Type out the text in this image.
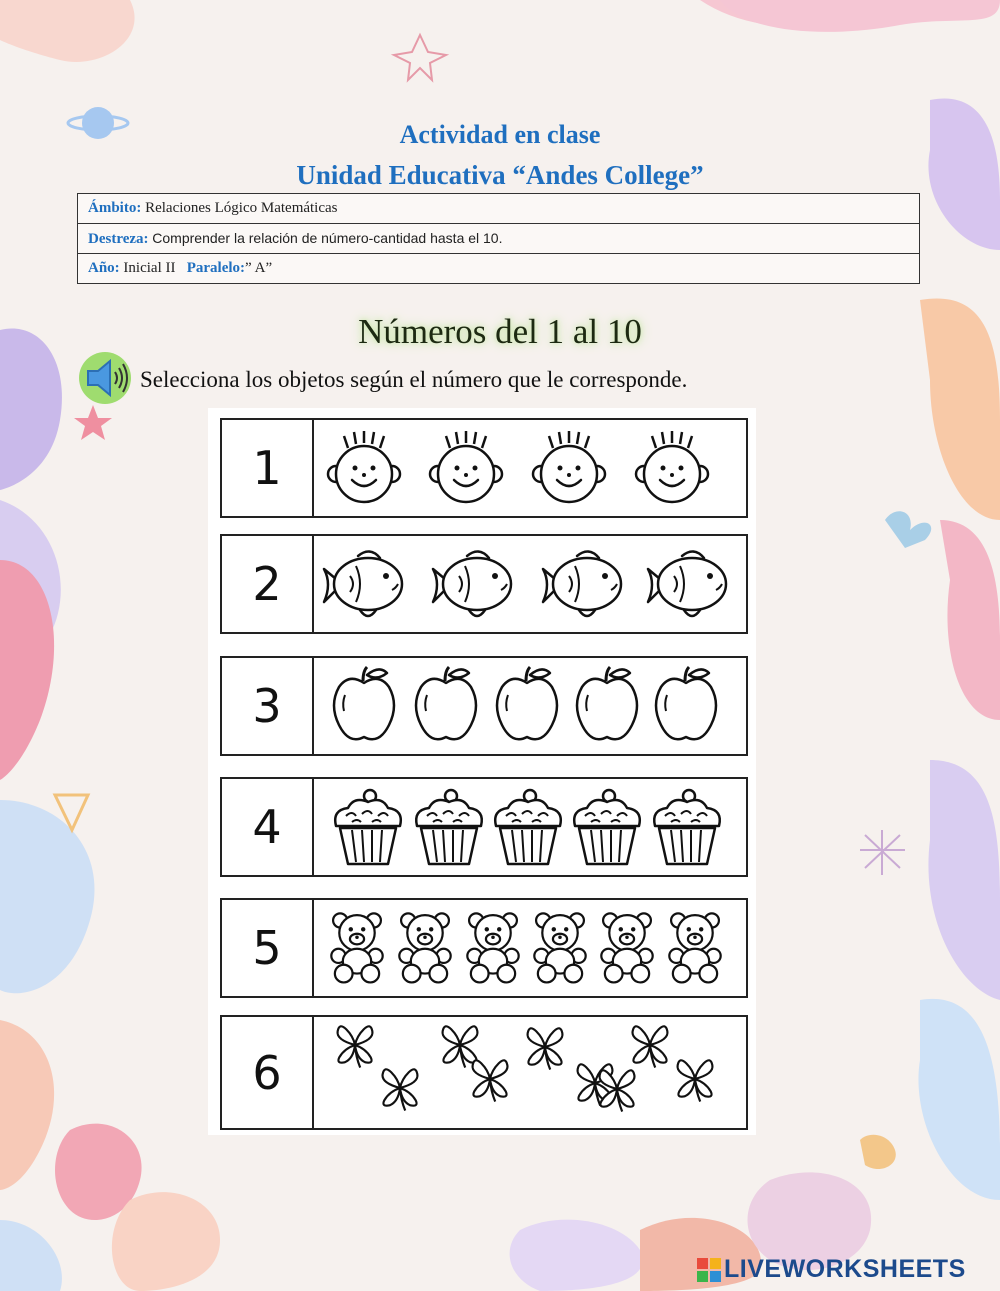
Actividad en clase
Unidad Educativa “Andes College”
Ámbito: Relaciones Lógico Matemáticas
Destreza: Comprender la relación de número-cantidad hasta el 10.
Año: Inicial II Paralelo:” A”
Números del 1 al 10
Selecciona los objetos según el número que le corresponde.
1
2
3
4
5
6
LIVEWORKSHEETS
